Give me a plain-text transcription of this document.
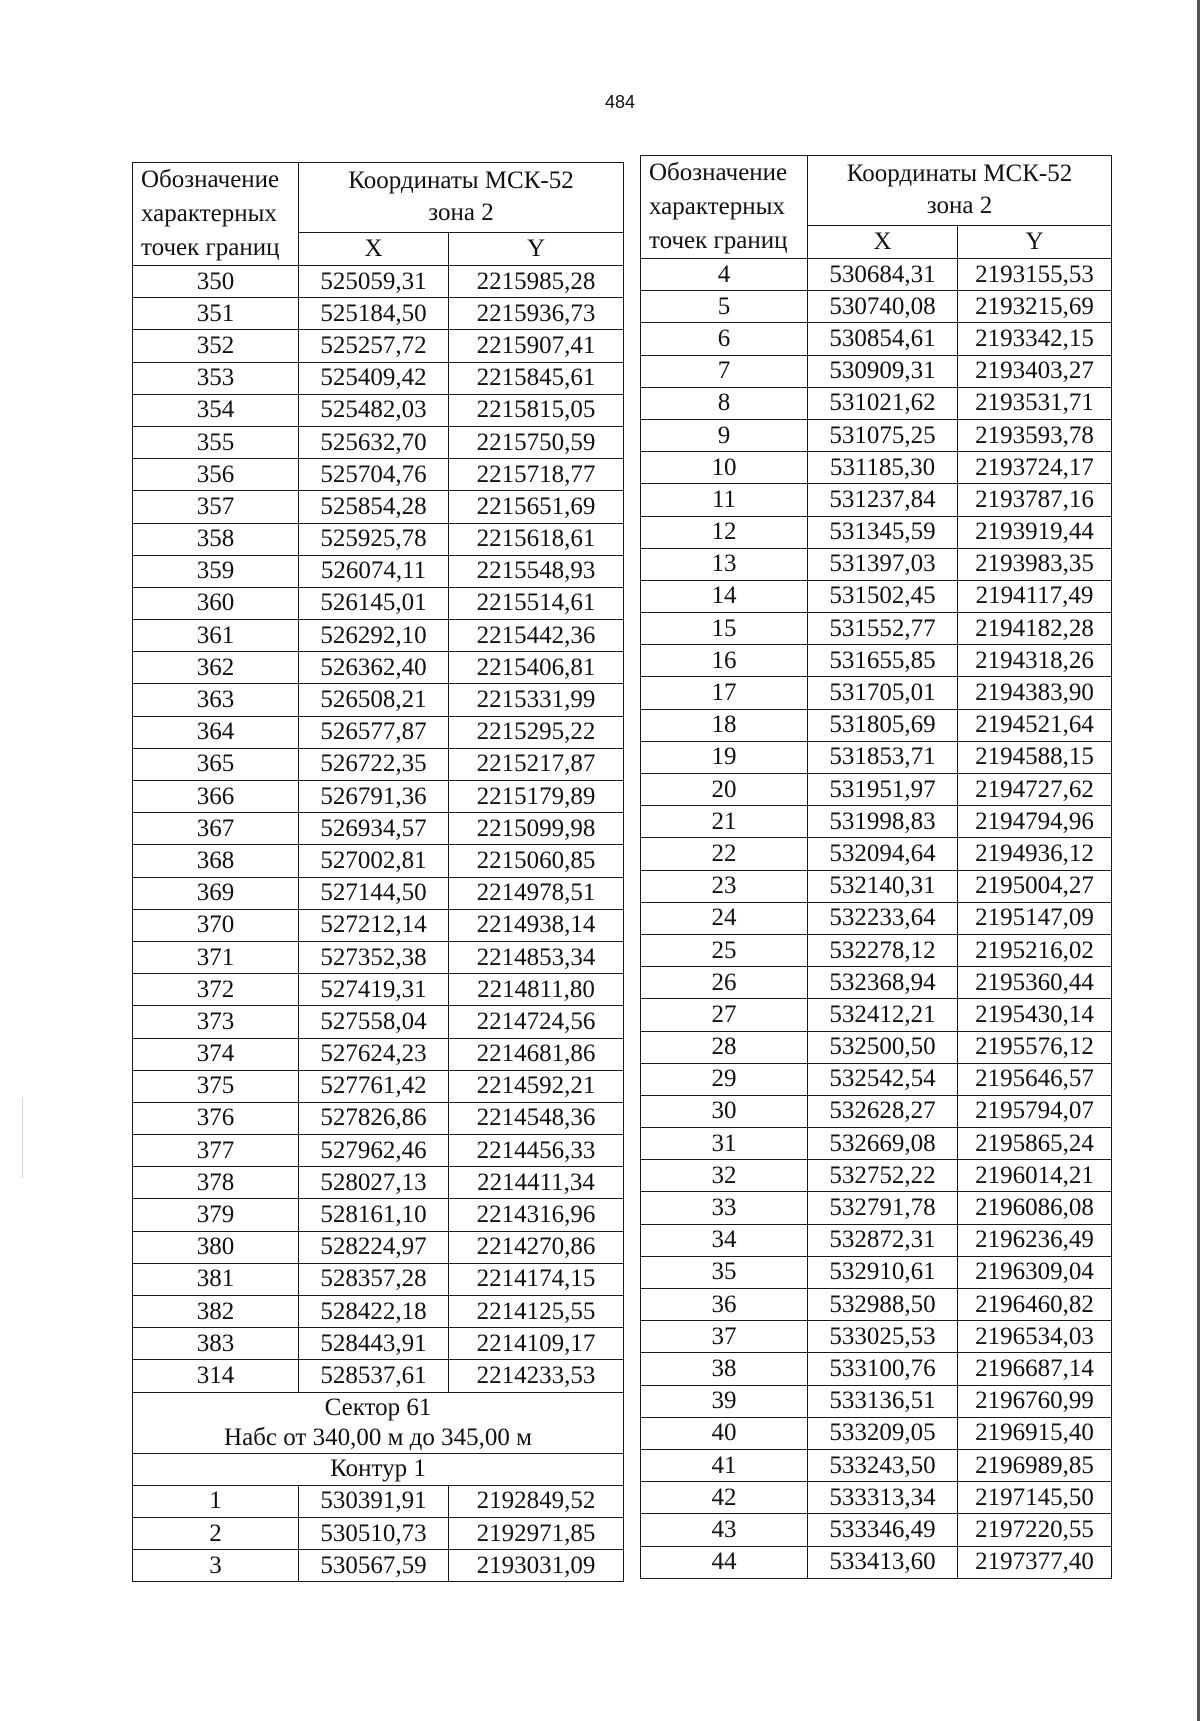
484
Обозначение
характерных
точек границ	Координаты МСК-52
зона 2	
	X	Y
350	525059,31	2215985,28
351	525184,50	2215936,73
352	525257,72	2215907,41
353	525409,42	2215845,61
354	525482,03	2215815,05
355	525632,70	2215750,59
356	525704,76	2215718,77
357	525854,28	2215651,69
358	525925,78	2215618,61
359	526074,11	2215548,93
360	526145,01	2215514,61
361	526292,10	2215442,36
362	526362,40	2215406,81
363	526508,21	2215331,99
364	526577,87	2215295,22
365	526722,35	2215217,87
366	526791,36	2215179,89
367	526934,57	2215099,98
368	527002,81	2215060,85
369	527144,50	2214978,51
370	527212,14	2214938,14
371	527352,38	2214853,34
372	527419,31	2214811,80
373	527558,04	2214724,56
374	527624,23	2214681,86
375	527761,42	2214592,21
376	527826,86	2214548,36
377	527962,46	2214456,33
378	528027,13	2214411,34
379	528161,10	2214316,96
380	528224,97	2214270,86
381	528357,28	2214174,15
382	528422,18	2214125,55
383	528443,91	2214109,17
314	528537,61	2214233,53
Сектор 61
Набс от 340,00 м до 345,00 м		
Контур 1		
1	530391,91	2192849,52
2	530510,73	2192971,85
3	530567,59	2193031,09
Обозначение
характерных
точек границ	Координаты МСК-52
зона 2	
	X	Y
4	530684,31	2193155,53
5	530740,08	2193215,69
6	530854,61	2193342,15
7	530909,31	2193403,27
8	531021,62	2193531,71
9	531075,25	2193593,78
10	531185,30	2193724,17
11	531237,84	2193787,16
12	531345,59	2193919,44
13	531397,03	2193983,35
14	531502,45	2194117,49
15	531552,77	2194182,28
16	531655,85	2194318,26
17	531705,01	2194383,90
18	531805,69	2194521,64
19	531853,71	2194588,15
20	531951,97	2194727,62
21	531998,83	2194794,96
22	532094,64	2194936,12
23	532140,31	2195004,27
24	532233,64	2195147,09
25	532278,12	2195216,02
26	532368,94	2195360,44
27	532412,21	2195430,14
28	532500,50	2195576,12
29	532542,54	2195646,57
30	532628,27	2195794,07
31	532669,08	2195865,24
32	532752,22	2196014,21
33	532791,78	2196086,08
34	532872,31	2196236,49
35	532910,61	2196309,04
36	532988,50	2196460,82
37	533025,53	2196534,03
38	533100,76	2196687,14
39	533136,51	2196760,99
40	533209,05	2196915,40
41	533243,50	2196989,85
42	533313,34	2197145,50
43	533346,49	2197220,55
44	533413,60	2197377,40
